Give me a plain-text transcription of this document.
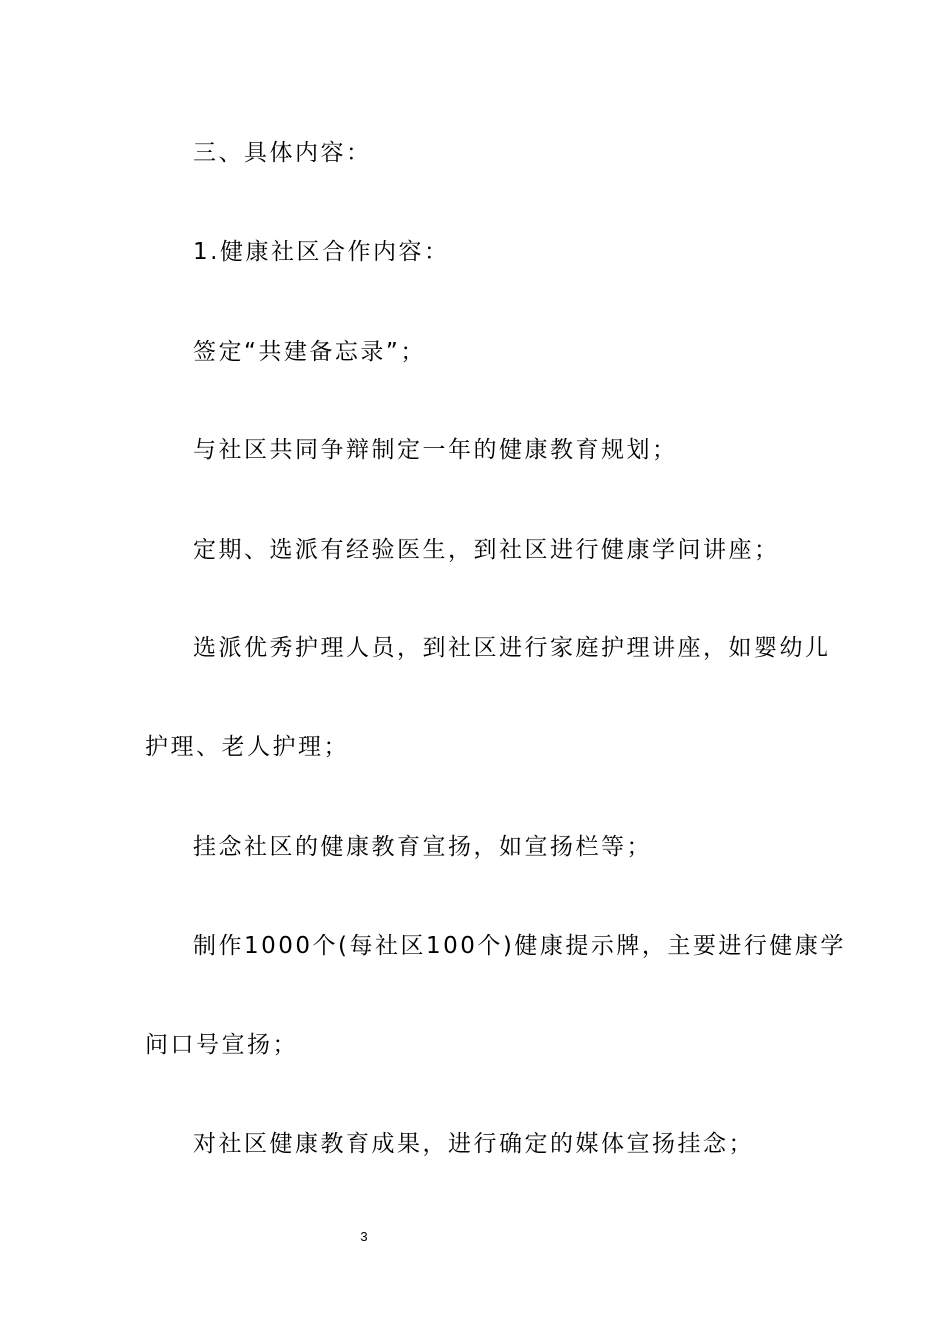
三、具体内容：
1.健康社区合作内容：
签定“共建备忘录”；
与社区共同争辩制定一年的健康教育规划；
定期、选派有经验医生，到社区进行健康学问讲座；
选派优秀护理人员，到社区进行家庭护理讲座，如婴幼儿
护理、老人护理；
挂念社区的健康教育宣扬，如宣扬栏等；
制作1000个(每社区100个)健康提示牌，主要进行健康学
问口号宣扬；
对社区健康教育成果，进行确定的媒体宣扬挂念；
3
